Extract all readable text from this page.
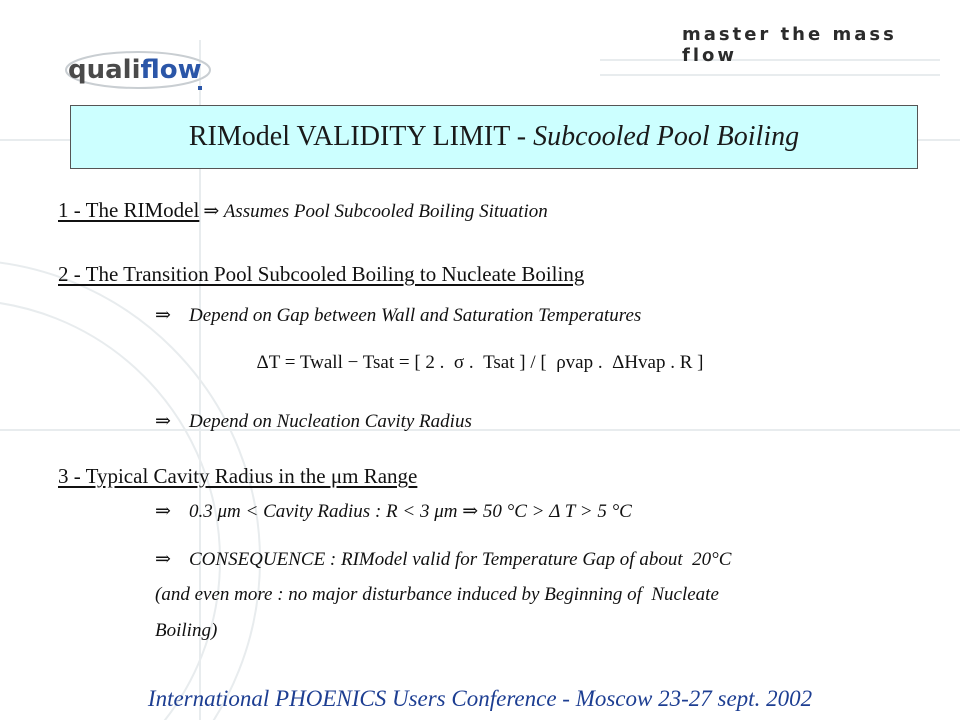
qualiflow
master the mass flow
RIModel VALIDITY LIMIT - Subcooled Pool Boiling
1 - The RIModel ⇒ Assumes Pool Subcooled Boiling Situation
2 - The Transition Pool Subcooled Boiling to Nucleate Boiling
⇒ Depend on Gap between Wall and Saturation Temperatures
ΔT = Twall − Tsat = [ 2 .  σ .  Tsat ] / [  ρvap .  ΔHvap . R ]
⇒ Depend on Nucleation Cavity Radius
3 - Typical Cavity Radius in the μm Range
⇒ 0.3 μm < Cavity Radius : R < 3 μm ⇒ 50 °C > Δ T > 5 °C
⇒ CONSEQUENCE : RIModel valid for Temperature Gap of about  20°C
(and even more : no major disturbance induced by Beginning of  Nucleate
Boiling)
International PHOENICS Users Conference - Moscow 23-27 sept. 2002
